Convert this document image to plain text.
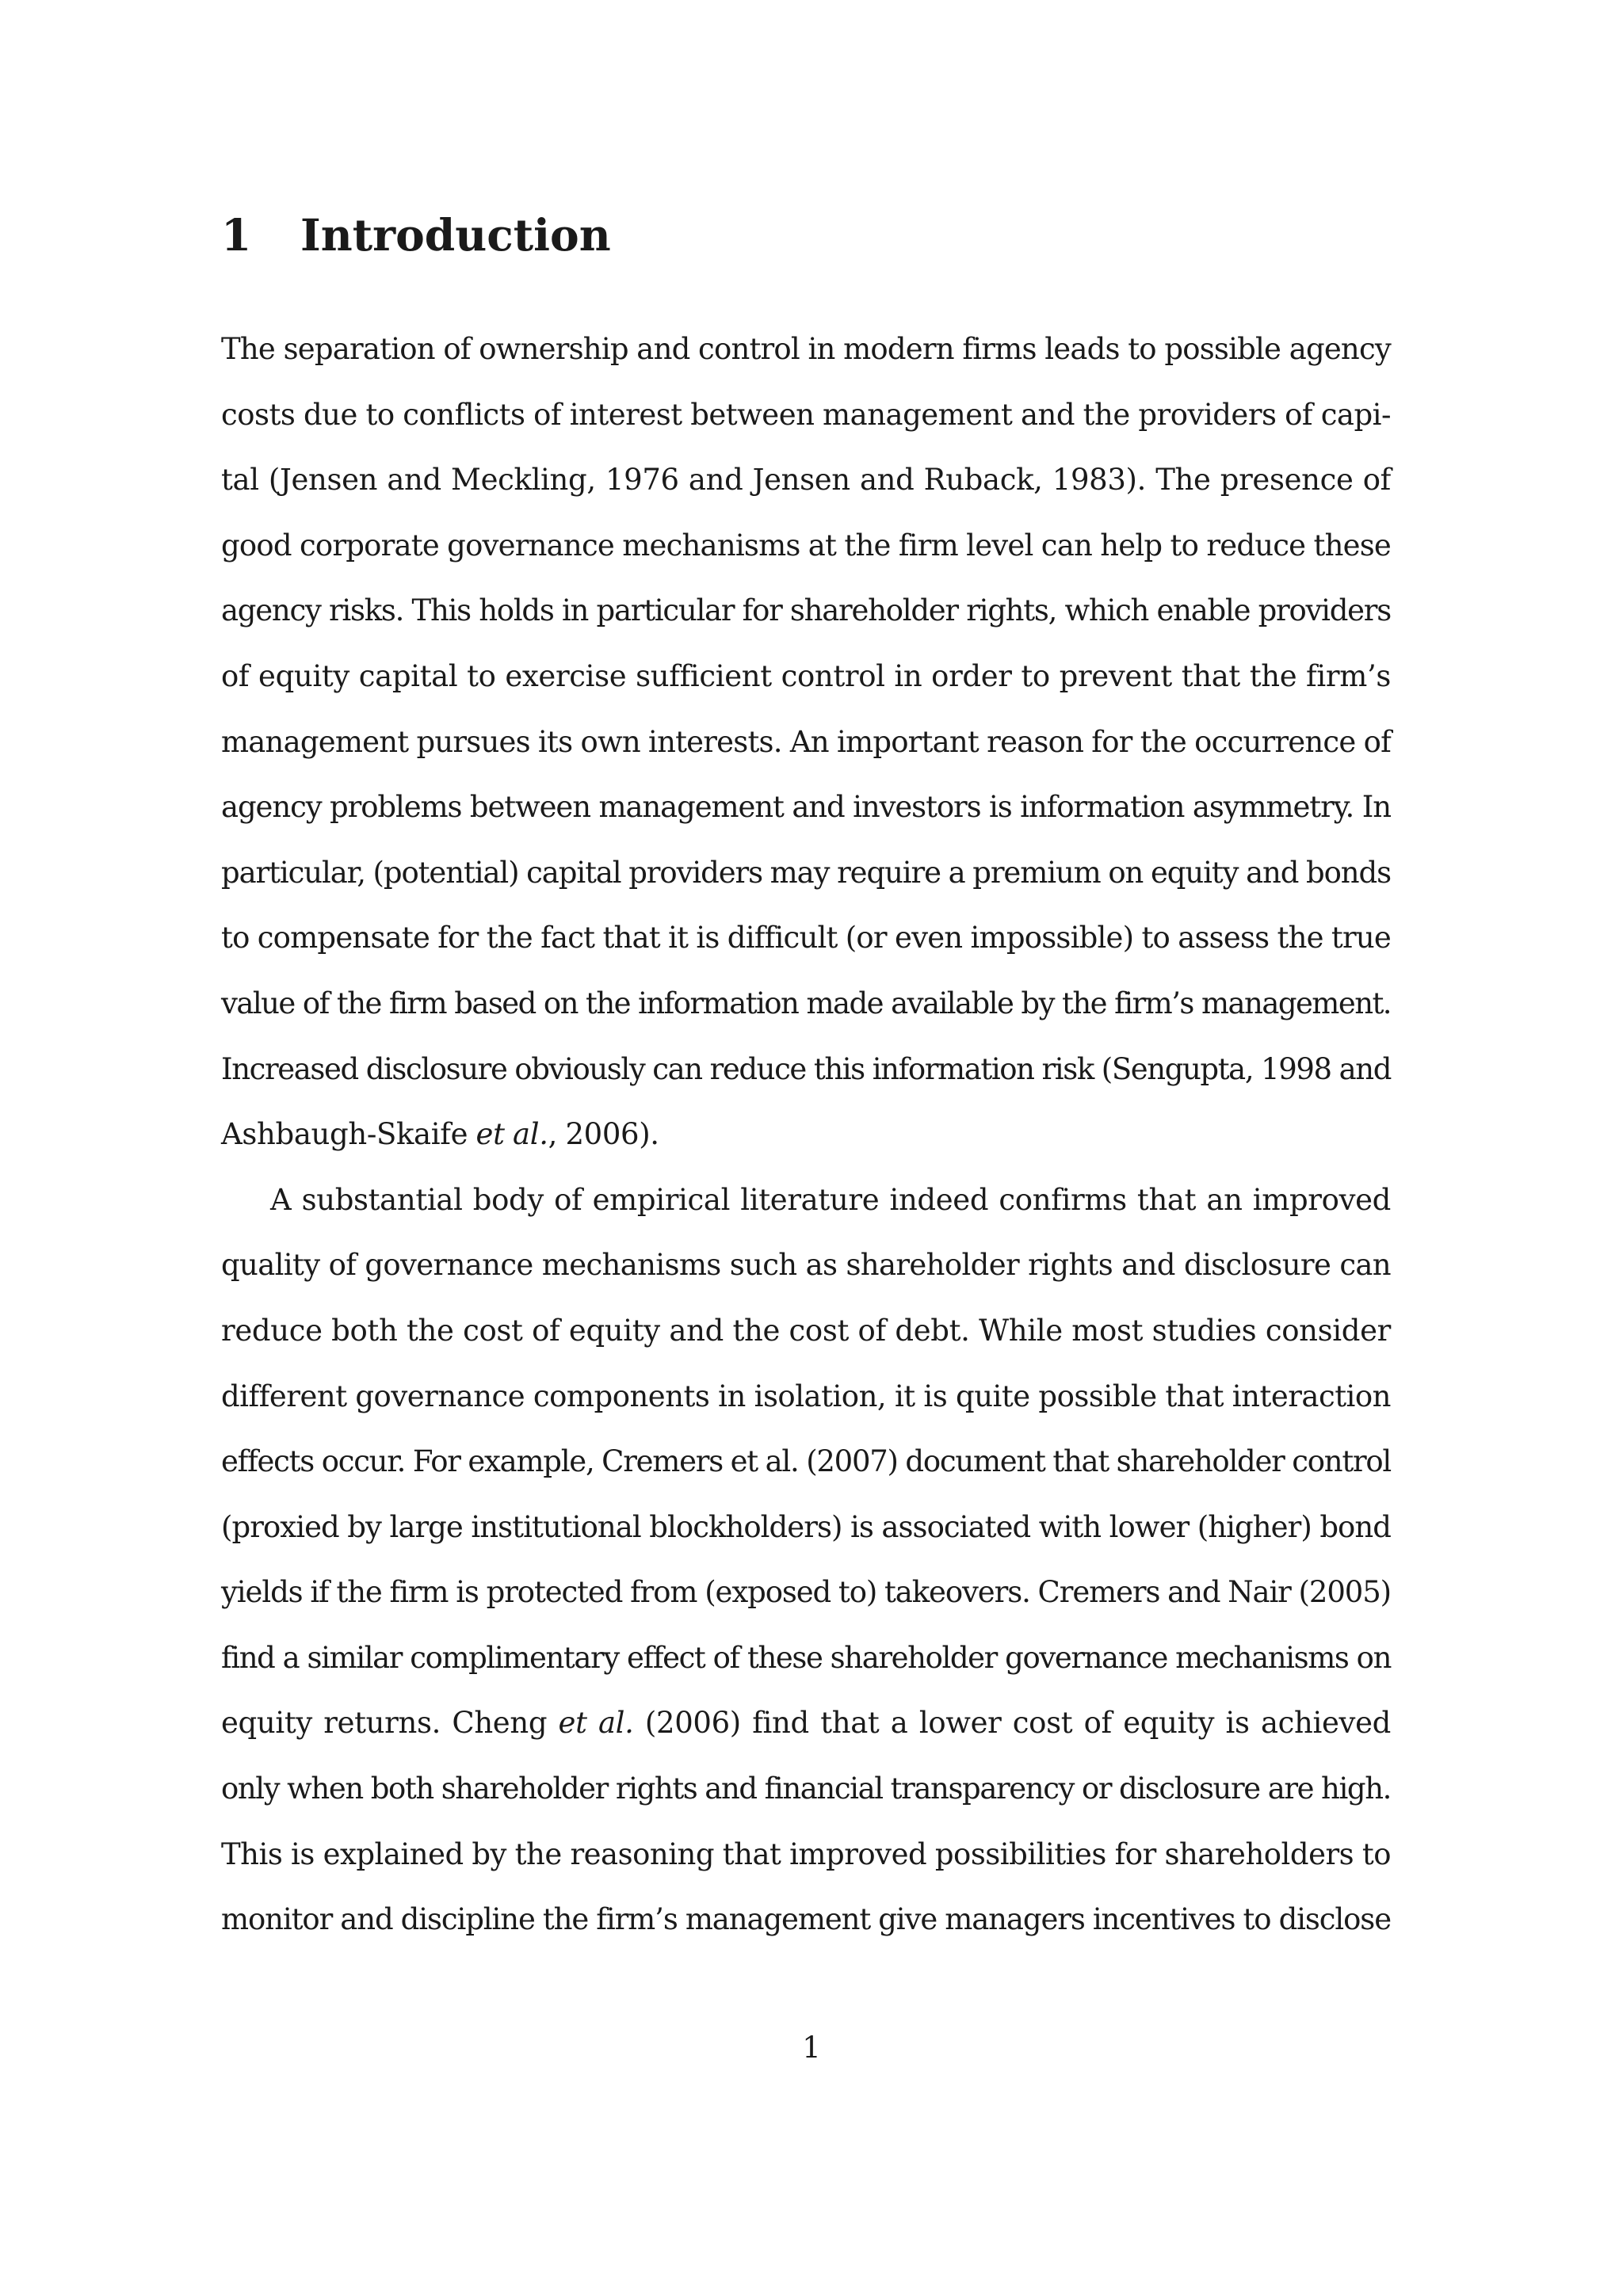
1 Introduction

The separation of ownership and control in modern firms leads to possible agency
costs due to conflicts of interest between management and the providers of capi-
tal (Jensen and Meckling, 1976 and Jensen and Ruback, 1983). The presence of
good corporate governance mechanisms at the firm level can help to reduce these
agency risks. This holds in particular for shareholder rights, which enable providers
of equity capital to exercise sufficient control in order to prevent that the firm’s
management pursues its own interests. An important reason for the occurrence of
agency problems between management and investors is information asymmetry. In
particular, (potential) capital providers may require a premium on equity and bonds
to compensate for the fact that it is difficult (or even impossible) to assess the true
value of the firm based on the information made available by the firm’s management.
Increased disclosure obviously can reduce this information risk (Sengupta, 1998 and
Ashbaugh-Skaife et al., 2006).

A substantial body of empirical literature indeed confirms that an improved
quality of governance mechanisms such as shareholder rights and disclosure can
reduce both the cost of equity and the cost of debt. While most studies consider
different governance components in isolation, it is quite possible that interaction
effects occur. For example, Cremers et al. (2007) document that shareholder control
(proxied by large institutional blockholders) is associated with lower (higher) bond
yields if the firm is protected from (exposed to) takeovers. Cremers and Nair (2005)
find a similar complimentary effect of these shareholder governance mechanisms on
equity returns. Cheng et al. (2006) find that a lower cost of equity is achieved
only when both shareholder rights and financial transparency or disclosure are high.
This is explained by the reasoning that improved possibilities for shareholders to
monitor and discipline the firm’s management give managers incentives to disclose

1
